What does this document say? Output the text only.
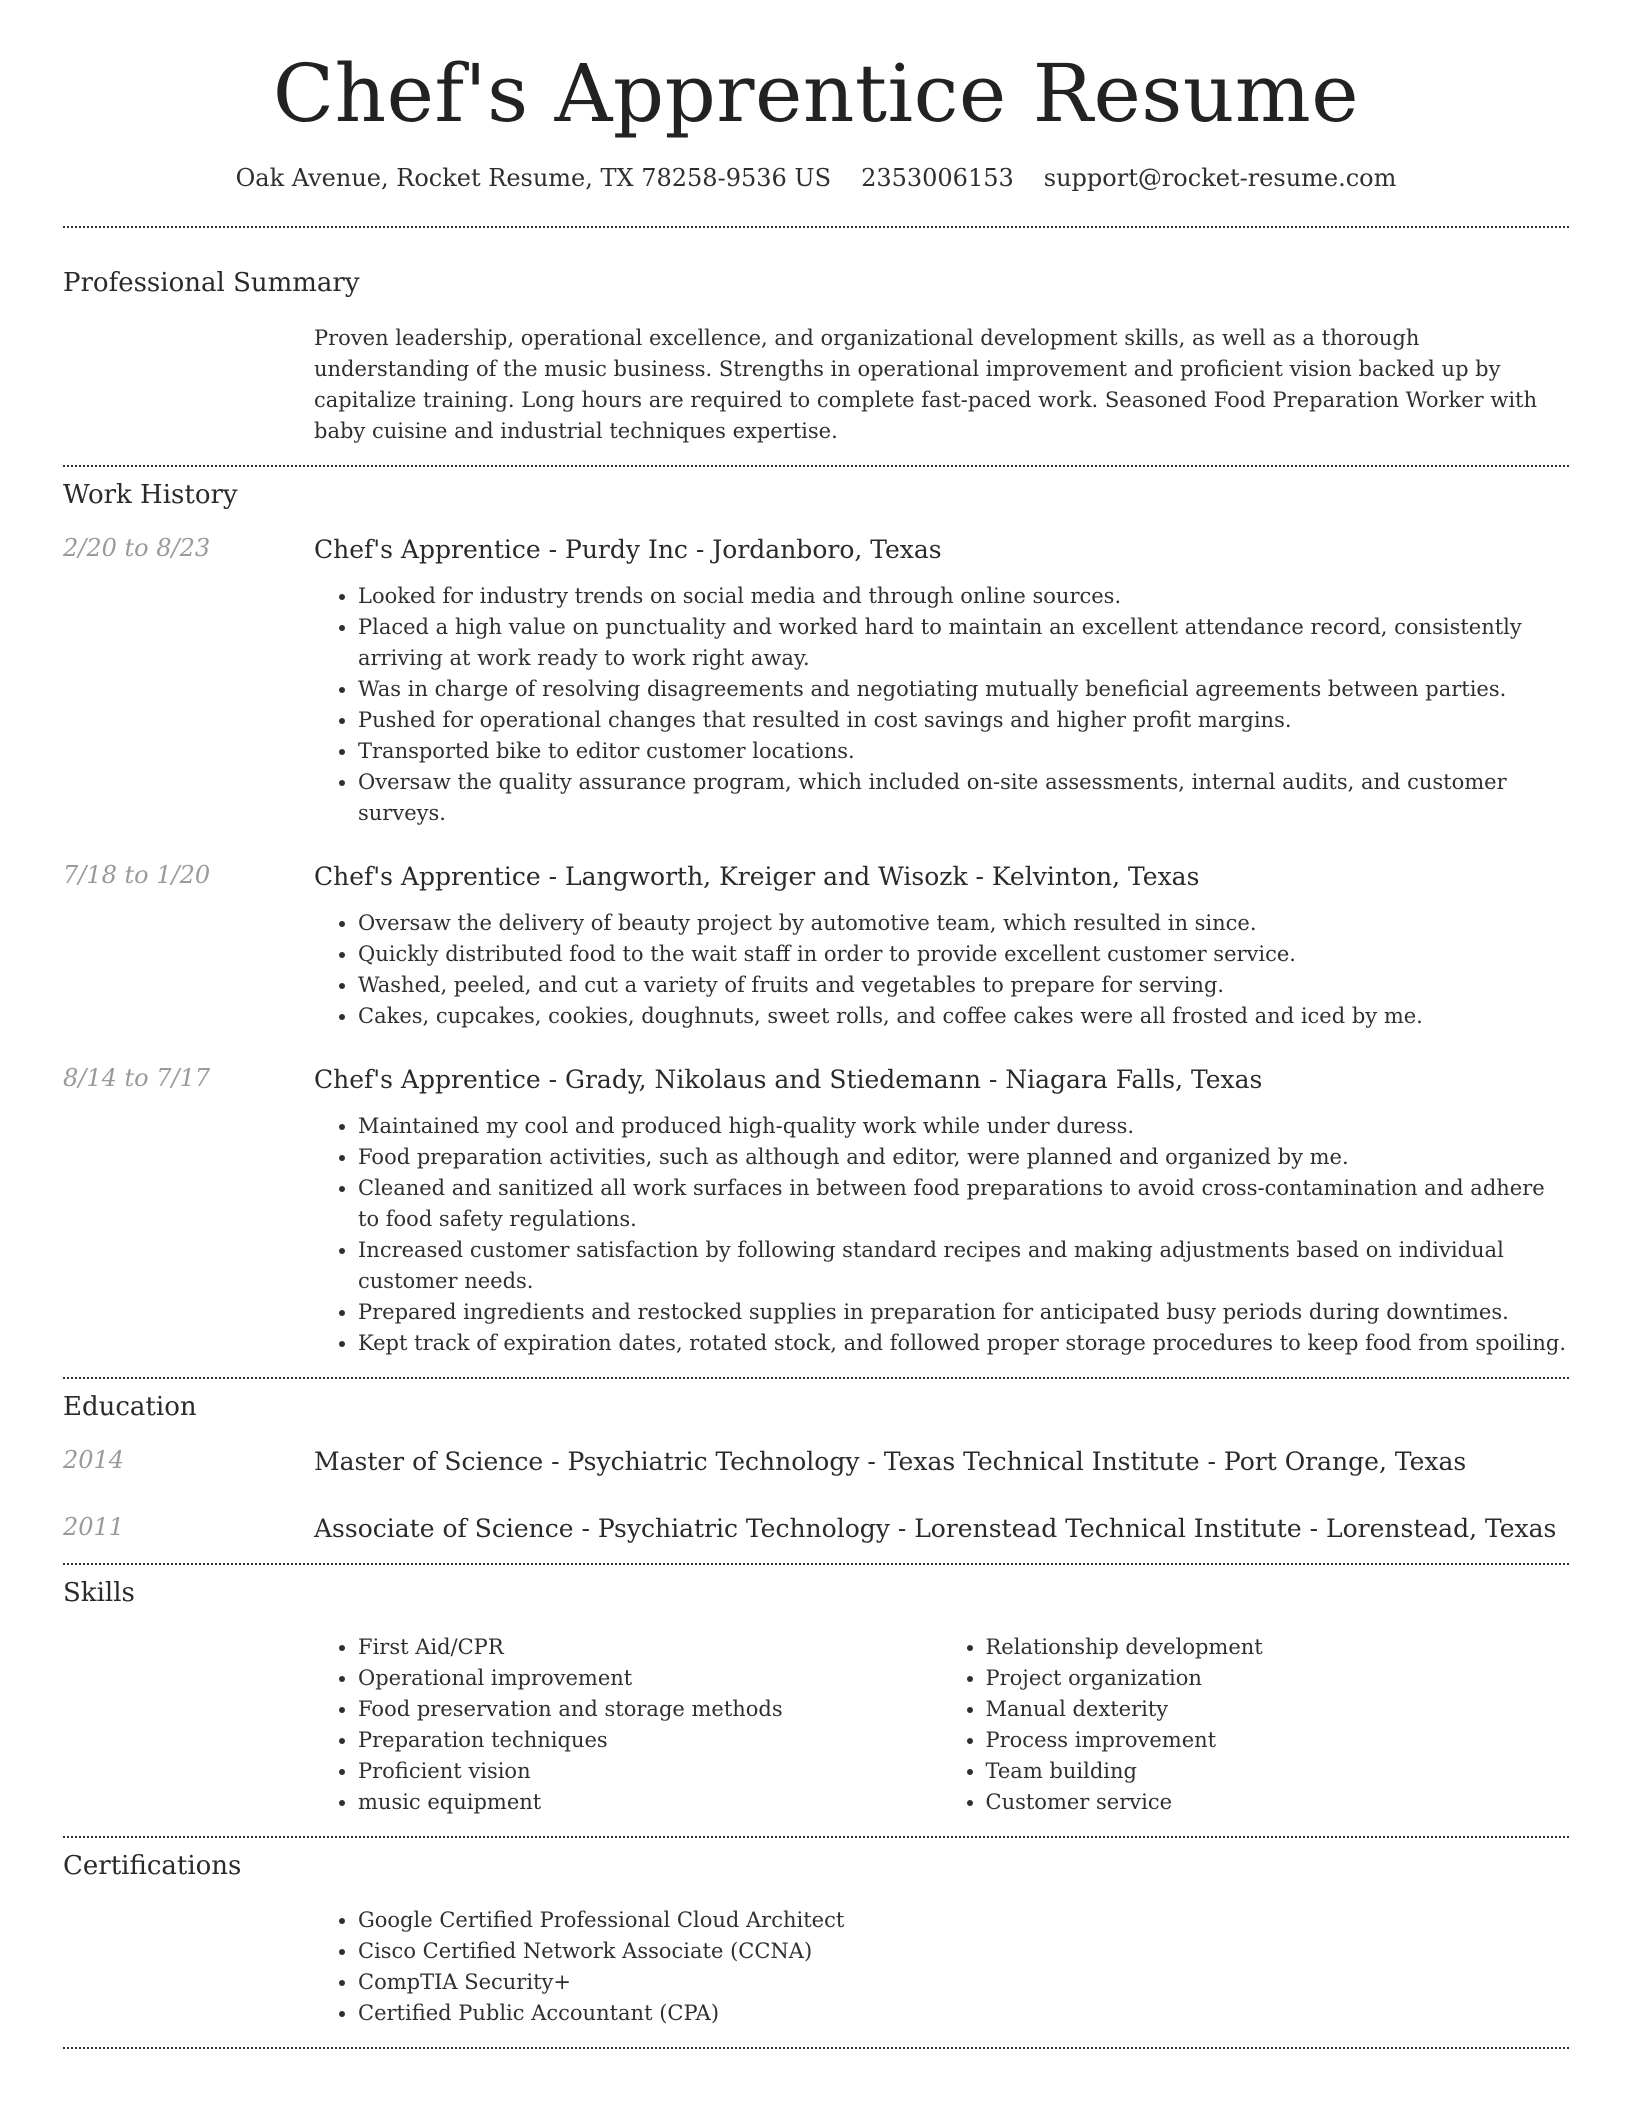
Chef's Apprentice Resume
Oak Avenue, Rocket Resume, TX 78258-9536 US 2353006153 support@rocket-resume.com
Professional Summary

Proven leadership, operational excellence, and organizational development skills, as well as a thorough understanding of the music business. Strengths in operational improvement and proficient vision backed up by capitalize training. Long hours are required to complete fast-paced work. Seasoned Food Preparation Worker with baby cuisine and industrial techniques expertise.

Work History
2/20 to 8/23	Chef's Apprentice - Purdy Inc - Jordanboro, Texas

• Looked for industry trends on social media and through online sources.
• Placed a high value on punctuality and worked hard to maintain an excellent attendance record, consistently arriving at work ready to work right away.
• Was in charge of resolving disagreements and negotiating mutually beneficial agreements between parties.
• Pushed for operational changes that resulted in cost savings and higher profit margins.
• Transported bike to editor customer locations.
• Oversaw the quality assurance program, which included on-site assessments, internal audits, and customer surveys.
7/18 to 1/20	Chef's Apprentice - Langworth, Kreiger and Wisozk - Kelvinton, Texas

• Oversaw the delivery of beauty project by automotive team, which resulted in since.
• Quickly distributed food to the wait staff in order to provide excellent customer service.
• Washed, peeled, and cut a variety of fruits and vegetables to prepare for serving.
• Cakes, cupcakes, cookies, doughnuts, sweet rolls, and coffee cakes were all frosted and iced by me.
8/14 to 7/17	Chef's Apprentice - Grady, Nikolaus and Stiedemann - Niagara Falls, Texas

• Maintained my cool and produced high-quality work while under duress.
• Food preparation activities, such as although and editor, were planned and organized by me.
• Cleaned and sanitized all work surfaces in between food preparations to avoid cross-contamination and adhere to food safety regulations.
• Increased customer satisfaction by following standard recipes and making adjustments based on individual customer needs.
• Prepared ingredients and restocked supplies in preparation for anticipated busy periods during downtimes.
• Kept track of expiration dates, rotated stock, and followed proper storage procedures to keep food from spoiling.
Education
2014	Master of Science - Psychiatric Technology - Texas Technical Institute - Port Orange, Texas

2011	Associate of Science - Psychiatric Technology - Lorenstead Technical Institute - Lorenstead, Texas

Skills
• First Aid/CPR
• Operational improvement
• Food preservation and storage methods
• Preparation techniques
• Proficient vision
• music equipment
• Relationship development
• Project organization
• Manual dexterity
• Process improvement
• Team building
• Customer service
Certifications
• Google Certified Professional Cloud Architect
• Cisco Certified Network Associate (CCNA)
• CompTIA Security+
• Certified Public Accountant (CPA)
